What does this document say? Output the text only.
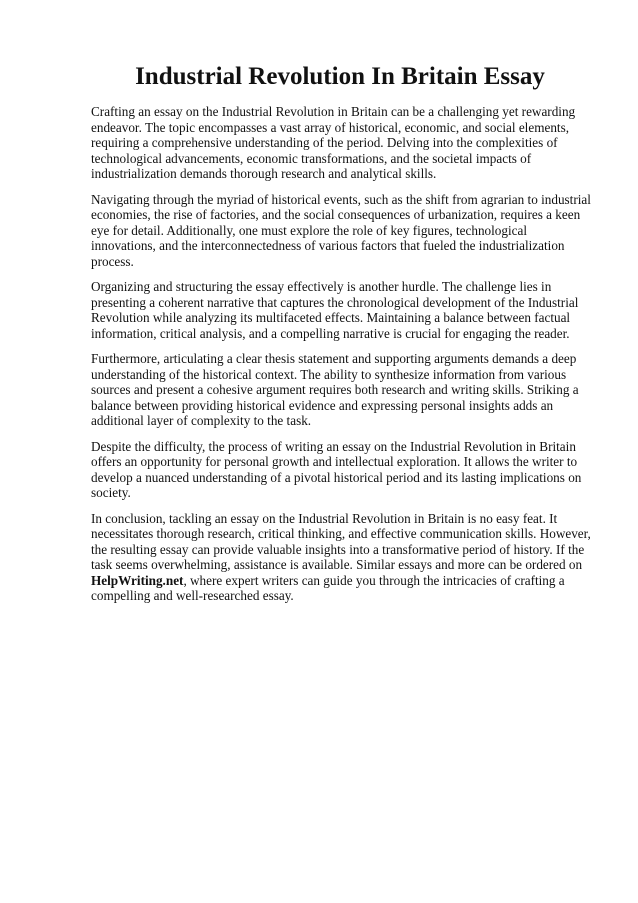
Industrial Revolution In Britain Essay

Crafting an essay on the Industrial Revolution in Britain can be a challenging yet rewarding endeavor. The topic encompasses a vast array of historical, economic, and social elements, requiring a comprehensive understanding of the period. Delving into the complexities of technological advancements, economic transformations, and the societal impacts of industrialization demands thorough research and analytical skills.

Navigating through the myriad of historical events, such as the shift from agrarian to industrial economies, the rise of factories, and the social consequences of urbanization, requires a keen eye for detail. Additionally, one must explore the role of key figures, technological innovations, and the interconnectedness of various factors that fueled the industrialization process.

Organizing and structuring the essay effectively is another hurdle. The challenge lies in presenting a coherent narrative that captures the chronological development of the Industrial Revolution while analyzing its multifaceted effects. Maintaining a balance between factual information, critical analysis, and a compelling narrative is crucial for engaging the reader.

Furthermore, articulating a clear thesis statement and supporting arguments demands a deep understanding of the historical context. The ability to synthesize information from various sources and present a cohesive argument requires both research and writing skills. Striking a balance between providing historical evidence and expressing personal insights adds an additional layer of complexity to the task.

Despite the difficulty, the process of writing an essay on the Industrial Revolution in Britain offers an opportunity for personal growth and intellectual exploration. It allows the writer to develop a nuanced understanding of a pivotal historical period and its lasting implications on society.

In conclusion, tackling an essay on the Industrial Revolution in Britain is no easy feat. It necessitates thorough research, critical thinking, and effective communication skills. However, the resulting essay can provide valuable insights into a transformative period of history. If the task seems overwhelming, assistance is available. Similar essays and more can be ordered on HelpWriting.net, where expert writers can guide you through the intricacies of crafting a compelling and well-researched essay.
